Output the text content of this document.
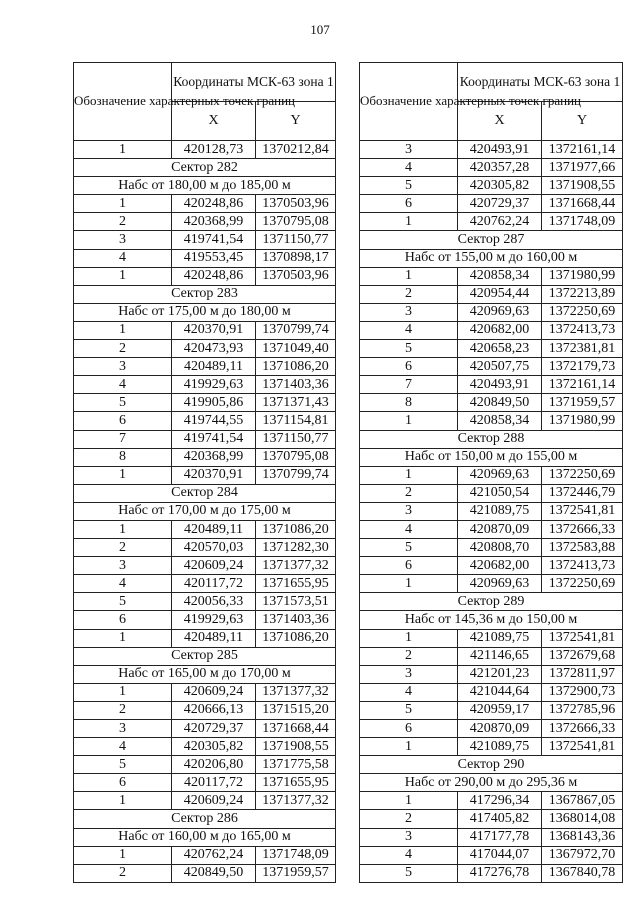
107
Обозначение характерных точек границ	Координаты МСК-63 зона 1	
	X	Y
1	420128,73	1370212,84
Сектор 282		
Набс от 180,00 м до 185,00 м		
1	420248,86	1370503,96
2	420368,99	1370795,08
3	419741,54	1371150,77
4	419553,45	1370898,17
1	420248,86	1370503,96
Сектор 283		
Набс от 175,00 м до 180,00 м		
1	420370,91	1370799,74
2	420473,93	1371049,40
3	420489,11	1371086,20
4	419929,63	1371403,36
5	419905,86	1371371,43
6	419744,55	1371154,81
7	419741,54	1371150,77
8	420368,99	1370795,08
1	420370,91	1370799,74
Сектор 284		
Набс от 170,00 м до 175,00 м		
1	420489,11	1371086,20
2	420570,03	1371282,30
3	420609,24	1371377,32
4	420117,72	1371655,95
5	420056,33	1371573,51
6	419929,63	1371403,36
1	420489,11	1371086,20
Сектор 285		
Набс от 165,00 м до 170,00 м		
1	420609,24	1371377,32
2	420666,13	1371515,20
3	420729,37	1371668,44
4	420305,82	1371908,55
5	420206,80	1371775,58
6	420117,72	1371655,95
1	420609,24	1371377,32
Сектор 286		
Набс от 160,00 м до 165,00 м		
1	420762,24	1371748,09
2	420849,50	1371959,57
Обозначение характерных точек границ	Координаты МСК-63 зона 1	
	X	Y
3	420493,91	1372161,14
4	420357,28	1371977,66
5	420305,82	1371908,55
6	420729,37	1371668,44
1	420762,24	1371748,09
Сектор 287		
Набс от 155,00 м до 160,00 м		
1	420858,34	1371980,99
2	420954,44	1372213,89
3	420969,63	1372250,69
4	420682,00	1372413,73
5	420658,23	1372381,81
6	420507,75	1372179,73
7	420493,91	1372161,14
8	420849,50	1371959,57
1	420858,34	1371980,99
Сектор 288		
Набс от 150,00 м до 155,00 м		
1	420969,63	1372250,69
2	421050,54	1372446,79
3	421089,75	1372541,81
4	420870,09	1372666,33
5	420808,70	1372583,88
6	420682,00	1372413,73
1	420969,63	1372250,69
Сектор 289		
Набс от 145,36 м до 150,00 м		
1	421089,75	1372541,81
2	421146,65	1372679,68
3	421201,23	1372811,97
4	421044,64	1372900,73
5	420959,17	1372785,96
6	420870,09	1372666,33
1	421089,75	1372541,81
Сектор 290		
Набс от 290,00 м до 295,36 м		
1	417296,34	1367867,05
2	417405,82	1368014,08
3	417177,78	1368143,36
4	417044,07	1367972,70
5	417276,78	1367840,78
